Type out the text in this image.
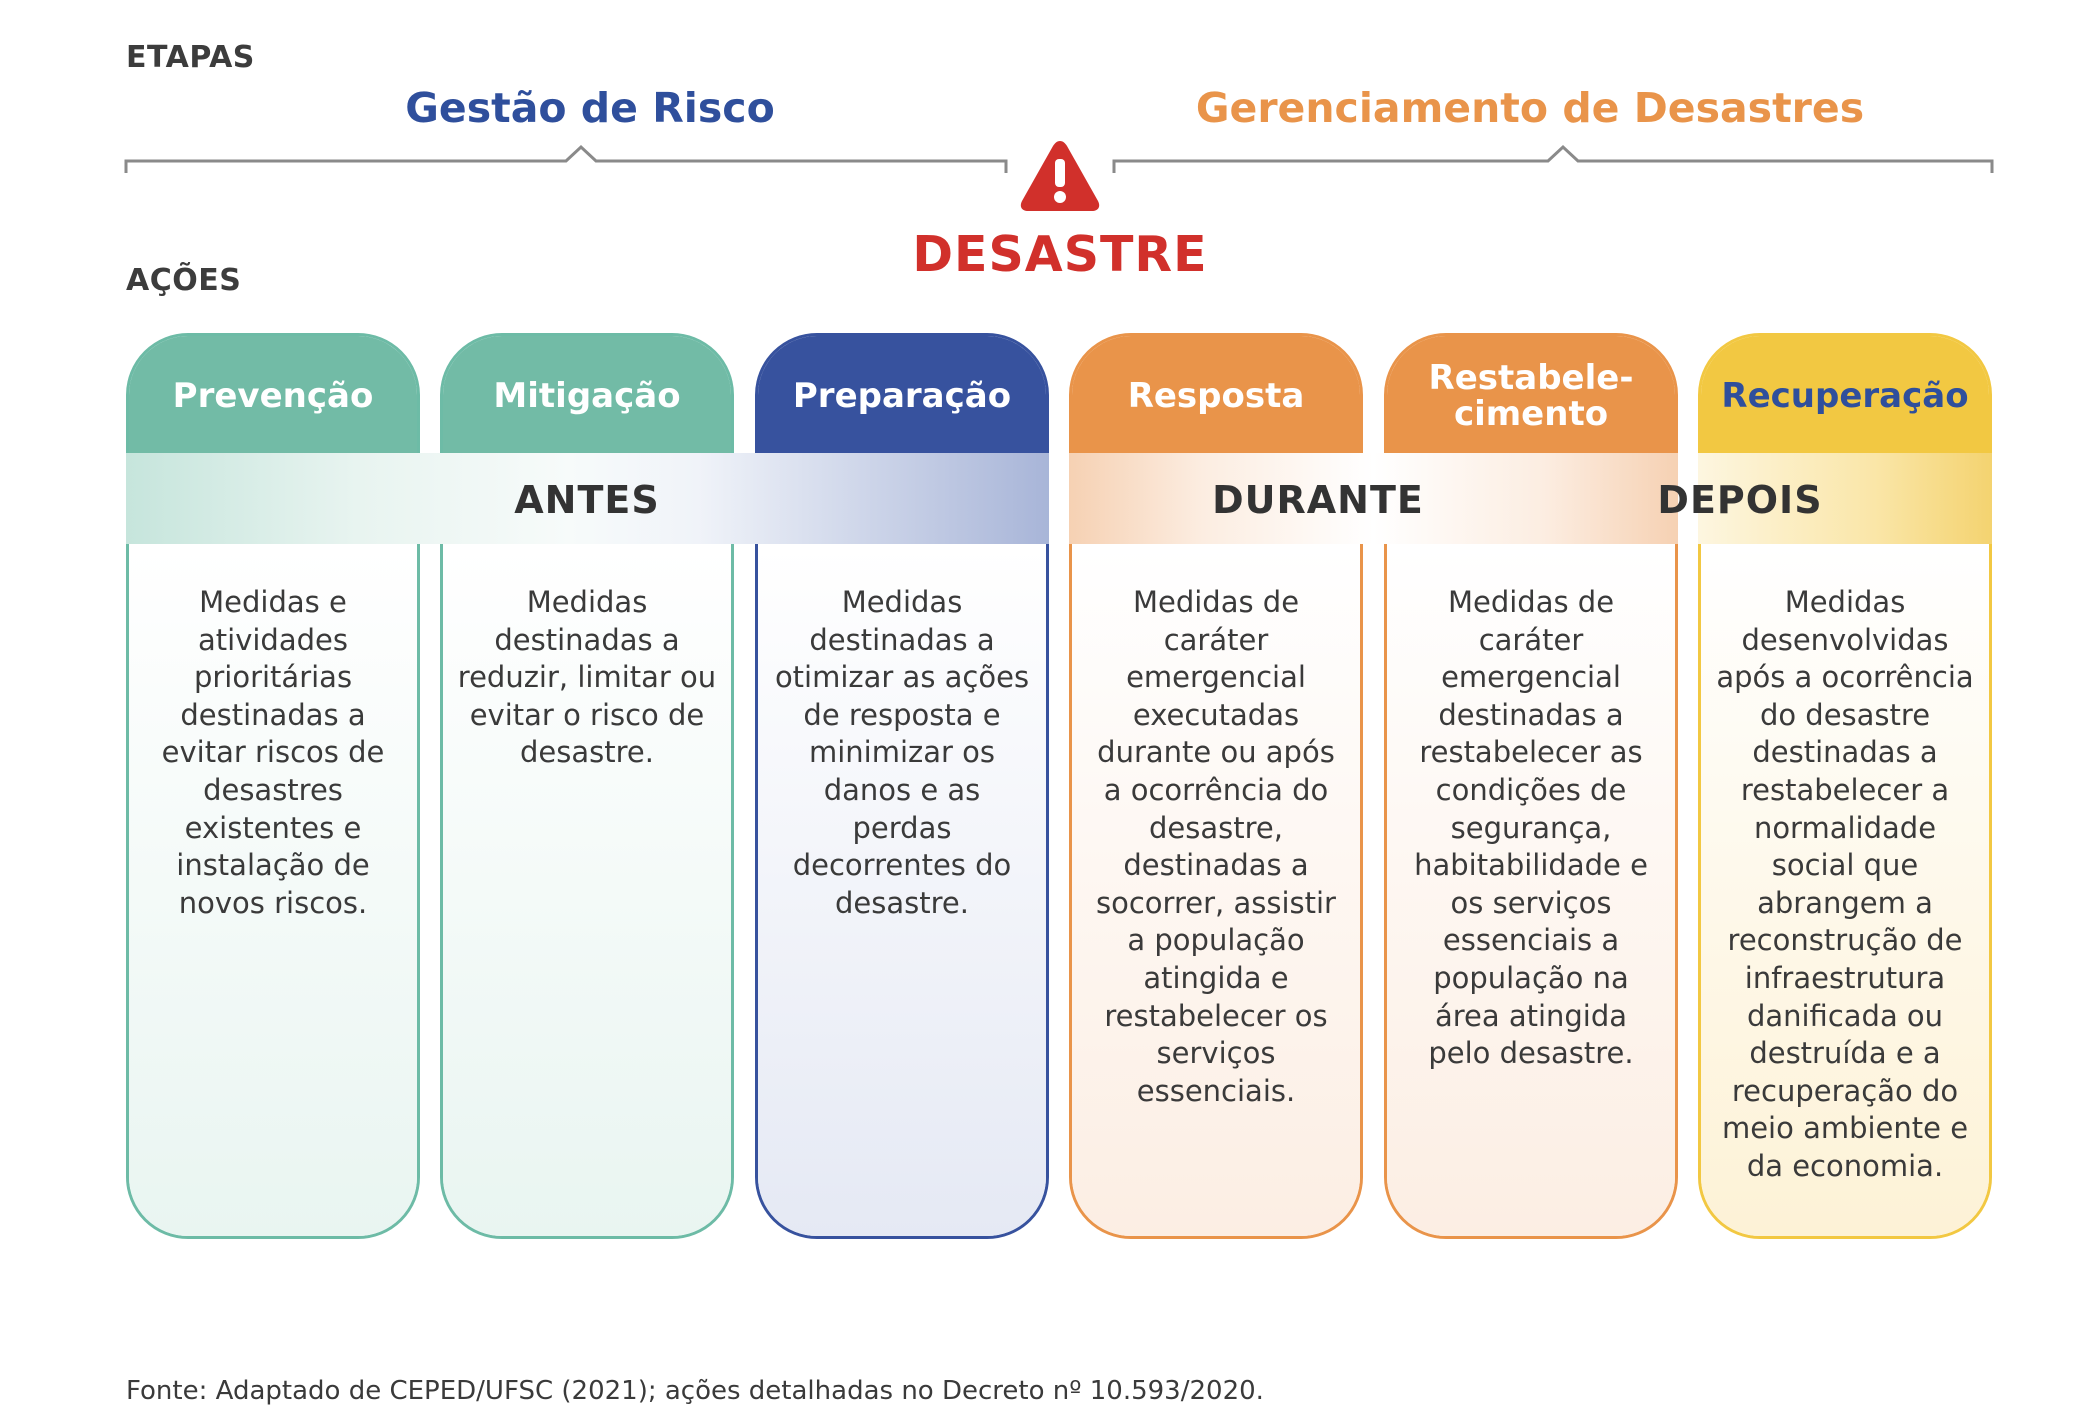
ETAPAS
AÇÕES
Gestão de Risco	Gerenciamento de Desastres
DESASTRE
Prevenção
Medidas e atividades prioritárias destinadas a evitar riscos de desastres existentes e instalação de novos riscos.
Mitigação
Medidas destinadas a reduzir, limitar ou evitar o risco de desastre.
Preparação
Medidas destinadas a otimizar as ações de resposta e minimizar os danos e as perdas decorrentes do desastre.
Resposta
Medidas de caráter emergencial executadas durante ou após a ocorrência do desastre, destinadas a socorrer, assistir a população atingida e restabelecer os serviços essenciais.
Restabele-cimento
Medidas de caráter emergencial destinadas a restabelecer as condições de segurança, habitabilidade e os serviços essenciais a população na área atingida pelo desastre.
Recuperação
Medidas desenvolvidas após a ocorrência do desastre destinadas a restabelecer a normalidade social que abrangem a reconstrução de infraestrutura danificada ou destruída e a recuperação do meio ambiente e da economia.
ANTES	DURANTE	DEPOIS
Fonte: Adaptado de CEPED/UFSC (2021); ações detalhadas no Decreto nº 10.593/2020.
